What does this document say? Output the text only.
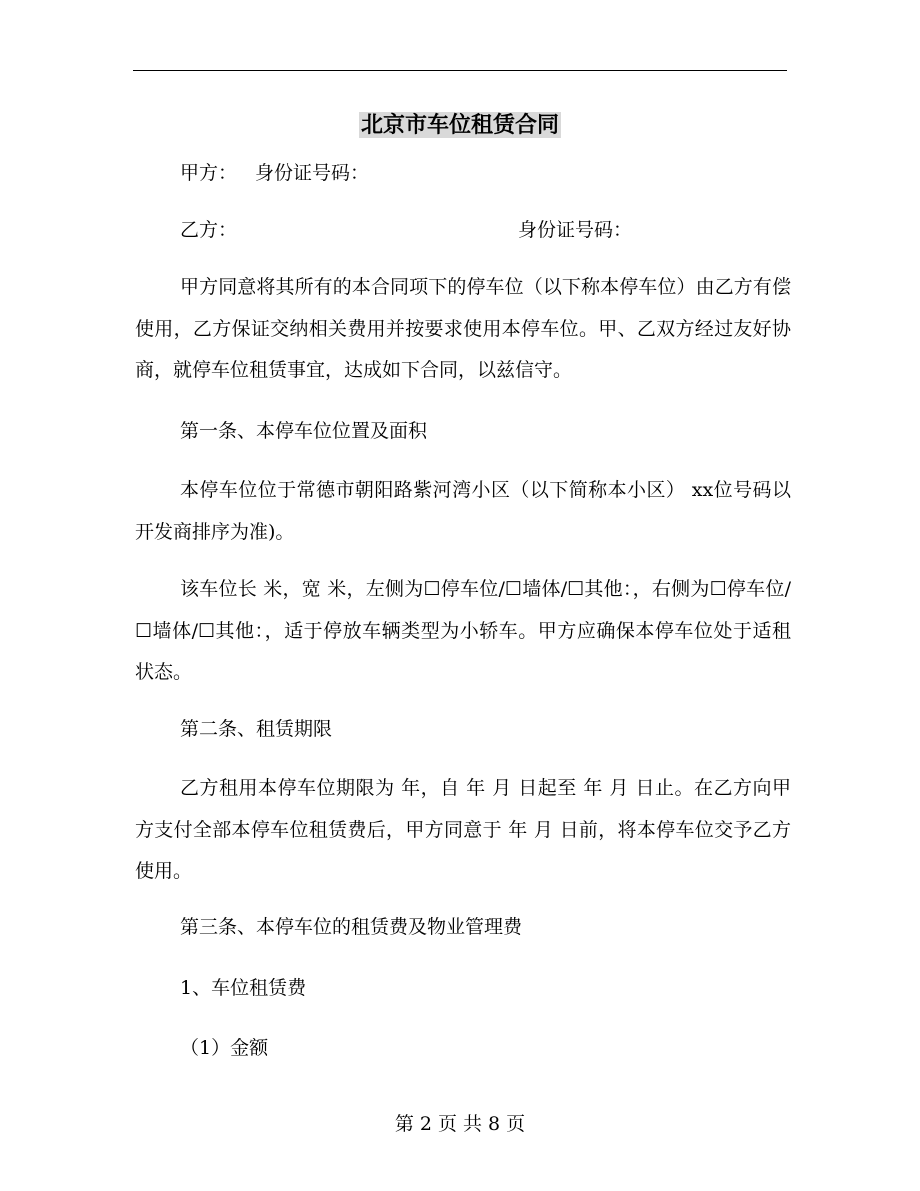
北京市车位租赁合同
甲方： 身份证号码：
乙方：	身份证号码：
甲方同意将其所有的本合同项下的停车位（以下称本停车位）由乙方有偿使用，乙方保证交纳相关费用并按要求使用本停车位。甲、乙双方经过友好协商，就停车位租赁事宜，达成如下合同，以兹信守。
第一条、本停车位位置及面积
本停车位位于常德市朝阳路紫河湾小区（以下简称本小区） xx位号码以开发商排序为准)。
该车位长 米，宽 米，左侧为☐停车位/☐墙体/☐其他：，右侧为☐停车位/☐墙体/☐其他：，适于停放车辆类型为小轿车。甲方应确保本停车位处于适租状态。
第二条、租赁期限
乙方租用本停车位期限为 年，自 年 月 日起至 年 月 日止。在乙方向甲方支付全部本停车位租赁费后，甲方同意于 年 月 日前，将本停车位交予乙方使用。
第三条、本停车位的租赁费及物业管理费
1、车位租赁费
（1）金额
第 2 页 共 8 页
